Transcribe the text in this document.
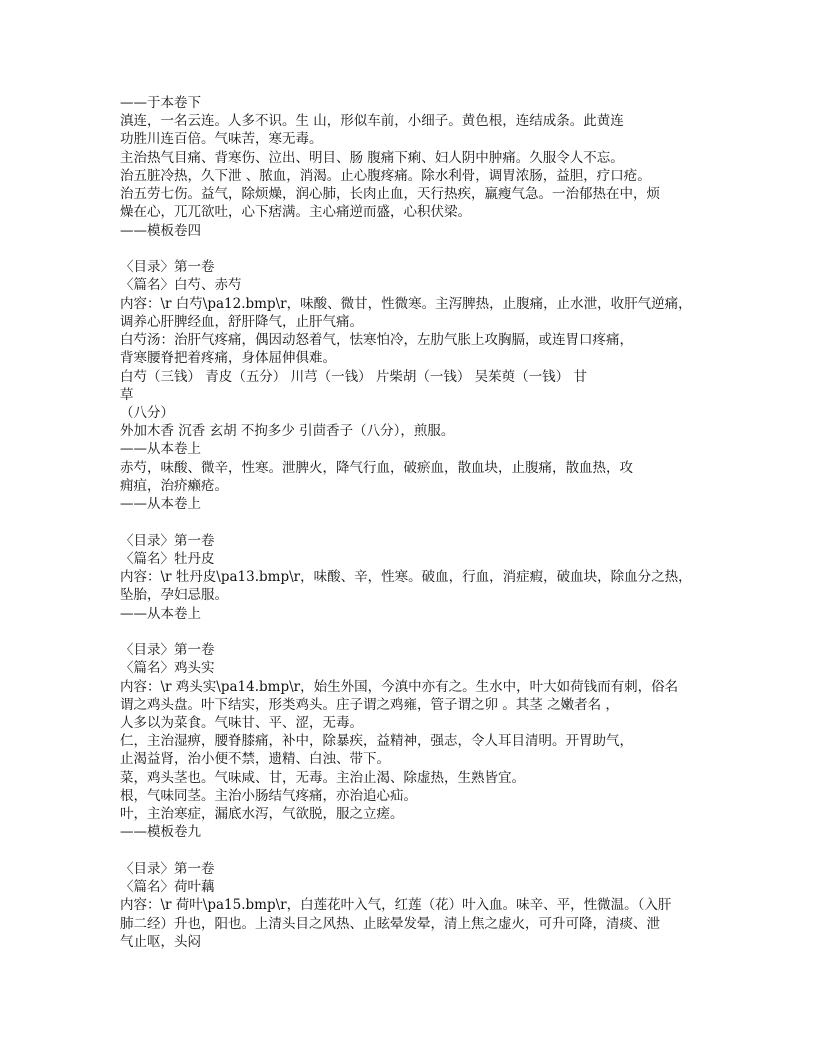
——于本卷下
滇连，一名云连。人多不识。生 山，形似车前，小细子。黄色根，连结成条。此黄连
功胜川连百倍。气味苦，寒无毒。
主治热气目痛、背寒伤、泣出、明目、肠 腹痛下痢、妇人阴中肿痛。久服令人不忘。
治五脏冷热，久下泄 、脓血，消渴。止心腹疼痛。除水利骨，调胃浓肠，益胆，疗口疮。
治五劳七伤。益气，除烦燥，润心肺，长肉止血，天行热疾，羸瘦气急。一治郁热在中，烦
燥在心，兀兀欲吐，心下痞满。主心痛逆而盛，心积伏梁。
——模板卷四
〈目录〉第一卷
〈篇名〉白芍、赤芍
内容：\r 白芍\pa12.bmp\r，味酸、微甘，性微寒。主泻脾热，止腹痛，止水泄，收肝气逆痛，
调养心肝脾经血，舒肝降气，止肝气痛。
白芍汤：治肝气疼痛，偶因动怒着气，怯寒怕冷，左肋气胀上攻胸膈，或连胃口疼痛，
背寒腰脊把着疼痛，身体屈伸俱难。
白芍（三钱） 青皮（五分） 川芎（一钱） 片柴胡（一钱） 吴茱萸（一钱） 甘
草
（八分）
外加木香 沉香 玄胡 不拘多少 引茴香子（八分），煎服。
——从本卷上
赤芍，味酸、微辛，性寒。泄脾火，降气行血，破瘀血，散血块，止腹痛，散血热，攻
痈疽，治疥癞疮。
——从本卷上
〈目录〉第一卷
〈篇名〉牡丹皮
内容：\r 牡丹皮\pa13.bmp\r，味酸、辛，性寒。破血，行血，消症瘕，破血块，除血分之热，
坠胎，孕妇忌服。
——从本卷上
〈目录〉第一卷
〈篇名〉鸡头实
内容：\r 鸡头实\pa14.bmp\r，始生外国，今滇中亦有之。生水中，叶大如荷钱而有刺，俗名
谓之鸡头盘。叶下结实，形类鸡头。庄子谓之鸡雍，管子谓之卯 。其茎 之嫩者名 ，
人多以为菜食。气味甘、平、涩，无毒。
仁，主治湿痹，腰脊膝痛，补中，除暴疾，益精神，强志，令人耳目清明。开胃助气，
止渴益肾，治小便不禁，遗精、白浊、带下。
菜，鸡头茎也。气味咸、甘，无毒。主治止渴、除虚热，生熟皆宜。
根，气味同茎。主治小肠结气疼痛，亦治追心疝。
叶，主治寒症，漏底水泻，气欲脱，服之立瘥。
——模板卷九
〈目录〉第一卷
〈篇名〉荷叶藕
内容：\r 荷叶\pa15.bmp\r，白莲花叶入气，红莲（花）叶入血。味辛、平，性微温。（入肝
肺二经）升也，阳也。上清头目之风热、止眩晕发晕，清上焦之虚火，可升可降，清痰、泄
气止呕，头闷
